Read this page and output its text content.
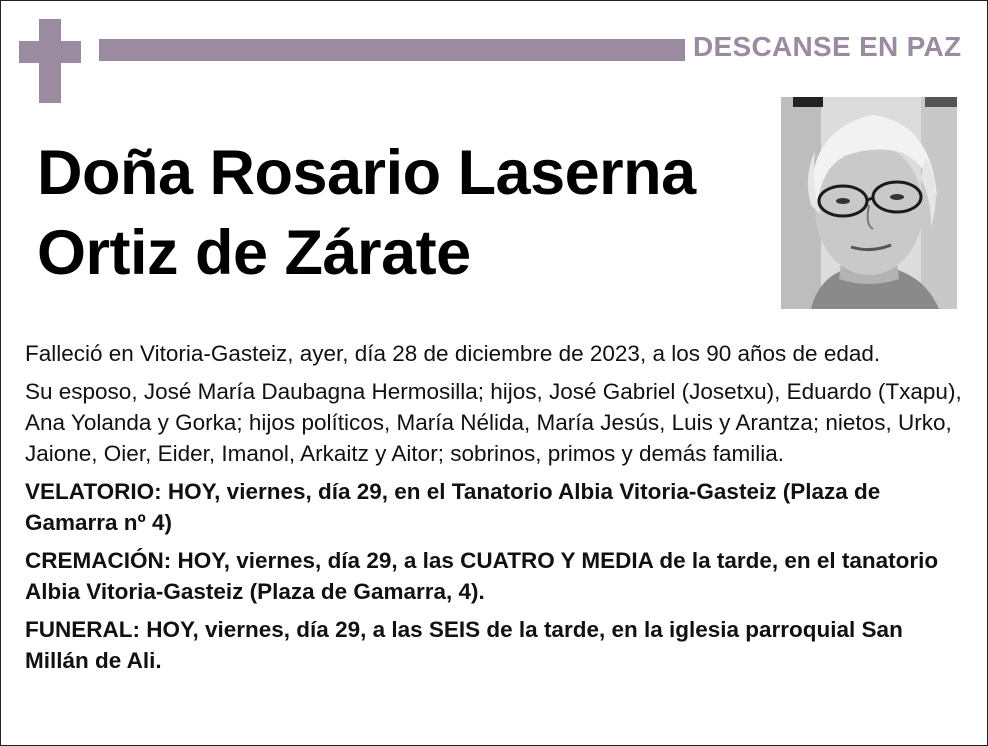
DESCANSE EN PAZ
Doña Rosario Laserna
Ortiz de Zárate

Falleció en Vitoria-Gasteiz, ayer, día 28 de diciembre de 2023, a los 90 años de edad.

Su esposo, José María Daubagna Hermosilla; hijos, José Gabriel (Josetxu), Eduardo (Txapu), Ana Yolanda y Gorka; hijos políticos, María Nélida, María Jesús, Luis y Arantza; nietos, Urko, Jaione, Oier, Eider, Imanol, Arkaitz y Aitor; sobrinos, primos y demás familia.

VELATORIO: HOY, viernes, día 29, en el Tanatorio Albia Vitoria-Gasteiz (Plaza de Gamarra nº 4)

CREMACIÓN: HOY, viernes, día 29, a las CUATRO Y MEDIA de la tarde, en el tanatorio Albia Vitoria-Gasteiz (Plaza de Gamarra, 4).

FUNERAL: HOY, viernes, día 29, a las SEIS de la tarde, en la iglesia parroquial San Millán de Ali.
